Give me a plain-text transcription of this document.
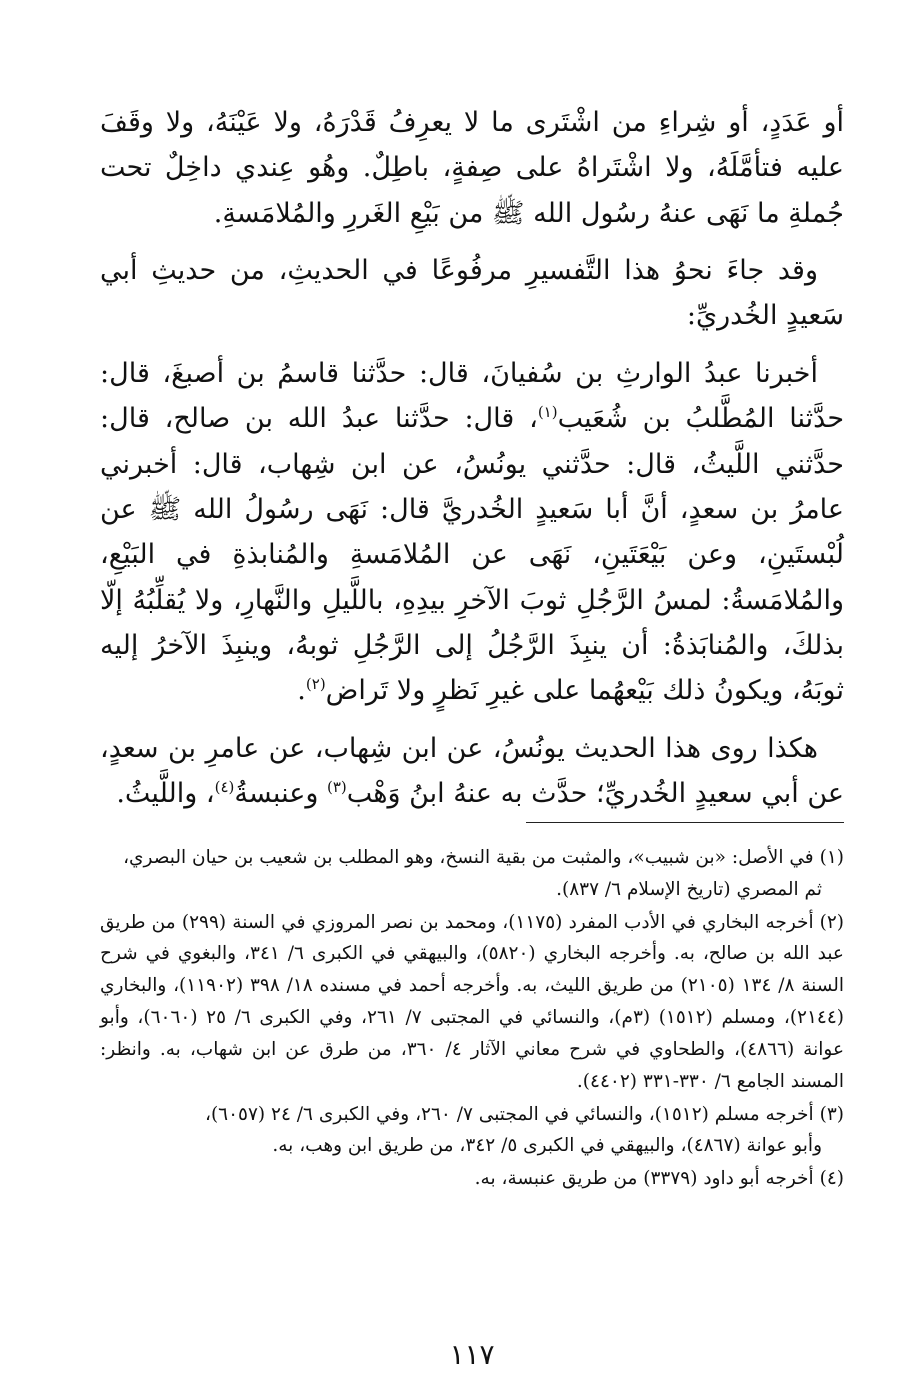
أو عَدَدٍ، أو شِراءِ من اشْتَرى ما لا يعرِفُ قَدْرَهُ، ولا عَيْنَهُ، ولا وقَفَ عليه فتأمَّلَهُ، ولا اشْتَراهُ على صِفةٍ، باطِلٌ. وهُو عِندي داخِلٌ تحت جُملةِ ما نَهَى عنهُ رسُول الله ﷺ من بَيْعِ الغَررِ والمُلامَسةِ.

وقد جاءَ نحوُ هذا التَّفسيرِ مرفُوعًا في الحديثِ، من حديثِ أبي سَعيدٍ الخُدريِّ:

أخبرنا عبدُ الوارثِ بن سُفيانَ، قال: حدَّثنا قاسمُ بن أصبغَ، قال: حدَّثنا المُطَّلبُ بن شُعَيب$^{(١)}$، قال: حدَّثنا عبدُ الله بن صالح، قال: حدَّثني اللَّيثُ، قال: حدَّثني يونُسُ، عن ابن شِهاب، قال: أخبرني عامرُ بن سعدٍ، أنَّ أبا سَعيدٍ الخُدريَّ قال: نَهَى رسُولُ الله ﷺ عن لُبْستَينِ، وعن بَيْعَتَينِ، نَهَى عن المُلامَسةِ والمُنابذةِ في البَيْعِ، والمُلامَسةُ: لمسُ الرَّجُلِ ثوبَ الآخرِ بيدِهِ، باللَّيلِ والنَّهارِ، ولا يُقلِّبُهُ إلّا بذلكَ، والمُنابَذةُ: أن ينبِذَ الرَّجُلُ إلى الرَّجُلِ ثوبهُ، وينبِذَ الآخرُ إليه ثوبَهُ، ويكونُ ذلك بَيْعهُما على غيرِ نَظرٍ ولا تَراض$^{(٢)}$.

هكذا روى هذا الحديث يونُسُ، عن ابن شِهاب، عن عامرِ بن سعدٍ، عن أبي سعيدٍ الخُدريِّ؛ حدَّث به عنهُ ابنُ وَهْب$^{(٣)}$ وعنبسةُ$^{(٤)}$، واللَّيثُ.

(١)في الأصل: «بن شبيب»، والمثبت من بقية النسخ، وهو المطلب بن شعيب بن حيان البصري،
ثم المصري (تاريخ الإسلام ٦/ ٨٣٧).
(٢)أخرجه البخاري في الأدب المفرد (١١٧٥)، ومحمد بن نصر المروزي في السنة (٢٩٩) من طريق عبد الله بن صالح، به. وأخرجه البخاري (٥٨٢٠)، والبيهقي في الكبرى ٦/ ٣٤١، والبغوي في شرح السنة ٨/ ١٣٤ (٢١٠٥) من طريق الليث، به. وأخرجه أحمد في مسنده ١٨/ ٣٩٨ (١١٩٠٢)، والبخاري (٢١٤٤)، ومسلم (١٥١٢) (٣م)، والنسائي في المجتبى ٧/ ٢٦١، وفي الكبرى ٦/ ٢٥ (٦٠٦٠)، وأبو عوانة (٤٨٦٦)، والطحاوي في شرح معاني الآثار ٤/ ٣٦٠، من طرق عن ابن شهاب، به. وانظر: المسند الجامع ٦/ ٣٣٠-٣٣١ (٤٤٠٢).
(٣)أخرجه مسلم (١٥١٢)، والنسائي في المجتبى ٧/ ٢٦٠، وفي الكبرى ٦/ ٢٤ (٦٠٥٧)،
وأبو عوانة (٤٨٦٧)، والبيهقي في الكبرى ٥/ ٣٤٢، من طريق ابن وهب، به.
(٤)أخرجه أبو داود (٣٣٧٩) من طريق عنبسة، به.
١١٧
